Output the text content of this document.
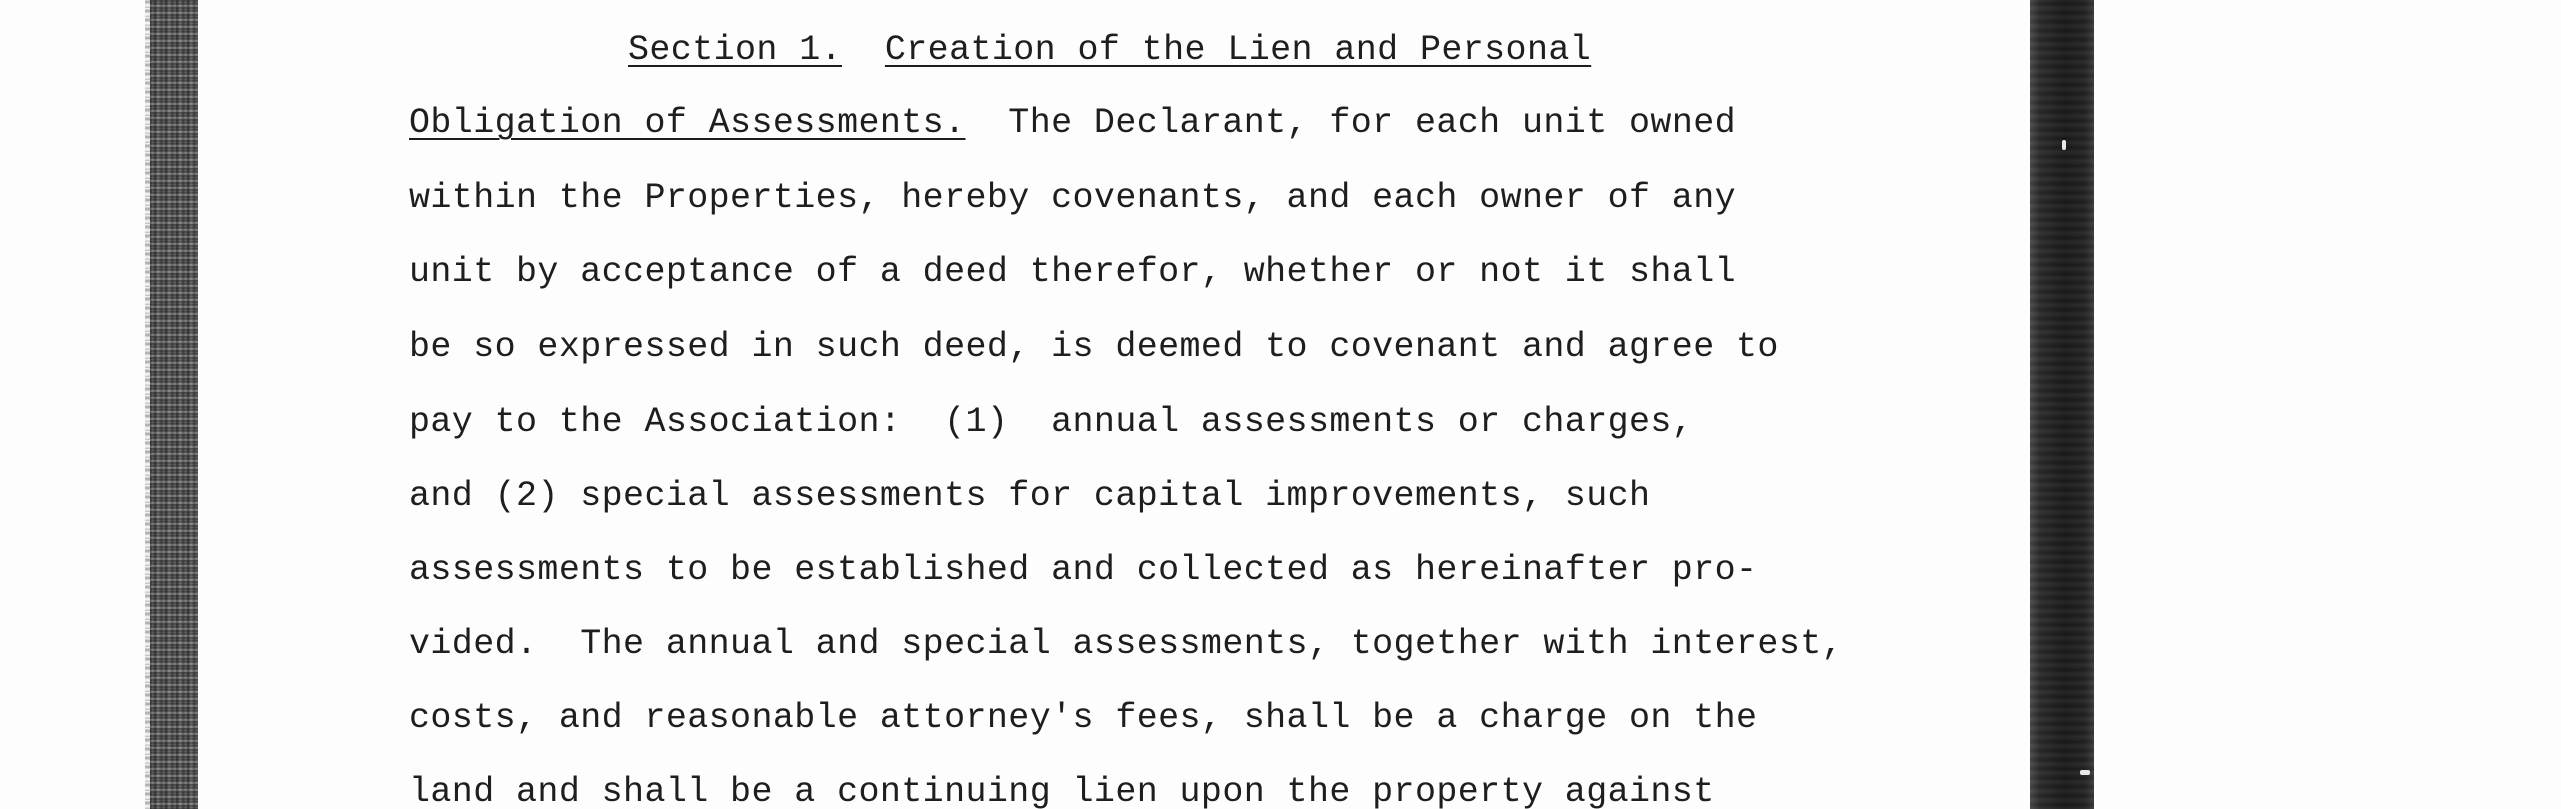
Section 1. Creation of the Lien and Personal

Obligation of Assessments.  The Declarant, for each unit owned

within the Properties, hereby covenants, and each owner of any

unit by acceptance of a deed therefor, whether or not it shall

be so expressed in such deed, is deemed to covenant and agree to

pay to the Association:  (1)  annual assessments or charges,

and (2) special assessments for capital improvements, such

assessments to be established and collected as hereinafter pro-

vided.  The annual and special assessments, together with interest,

costs, and reasonable attorney's fees, shall be a charge on the

land and shall be a continuing lien upon the property against
